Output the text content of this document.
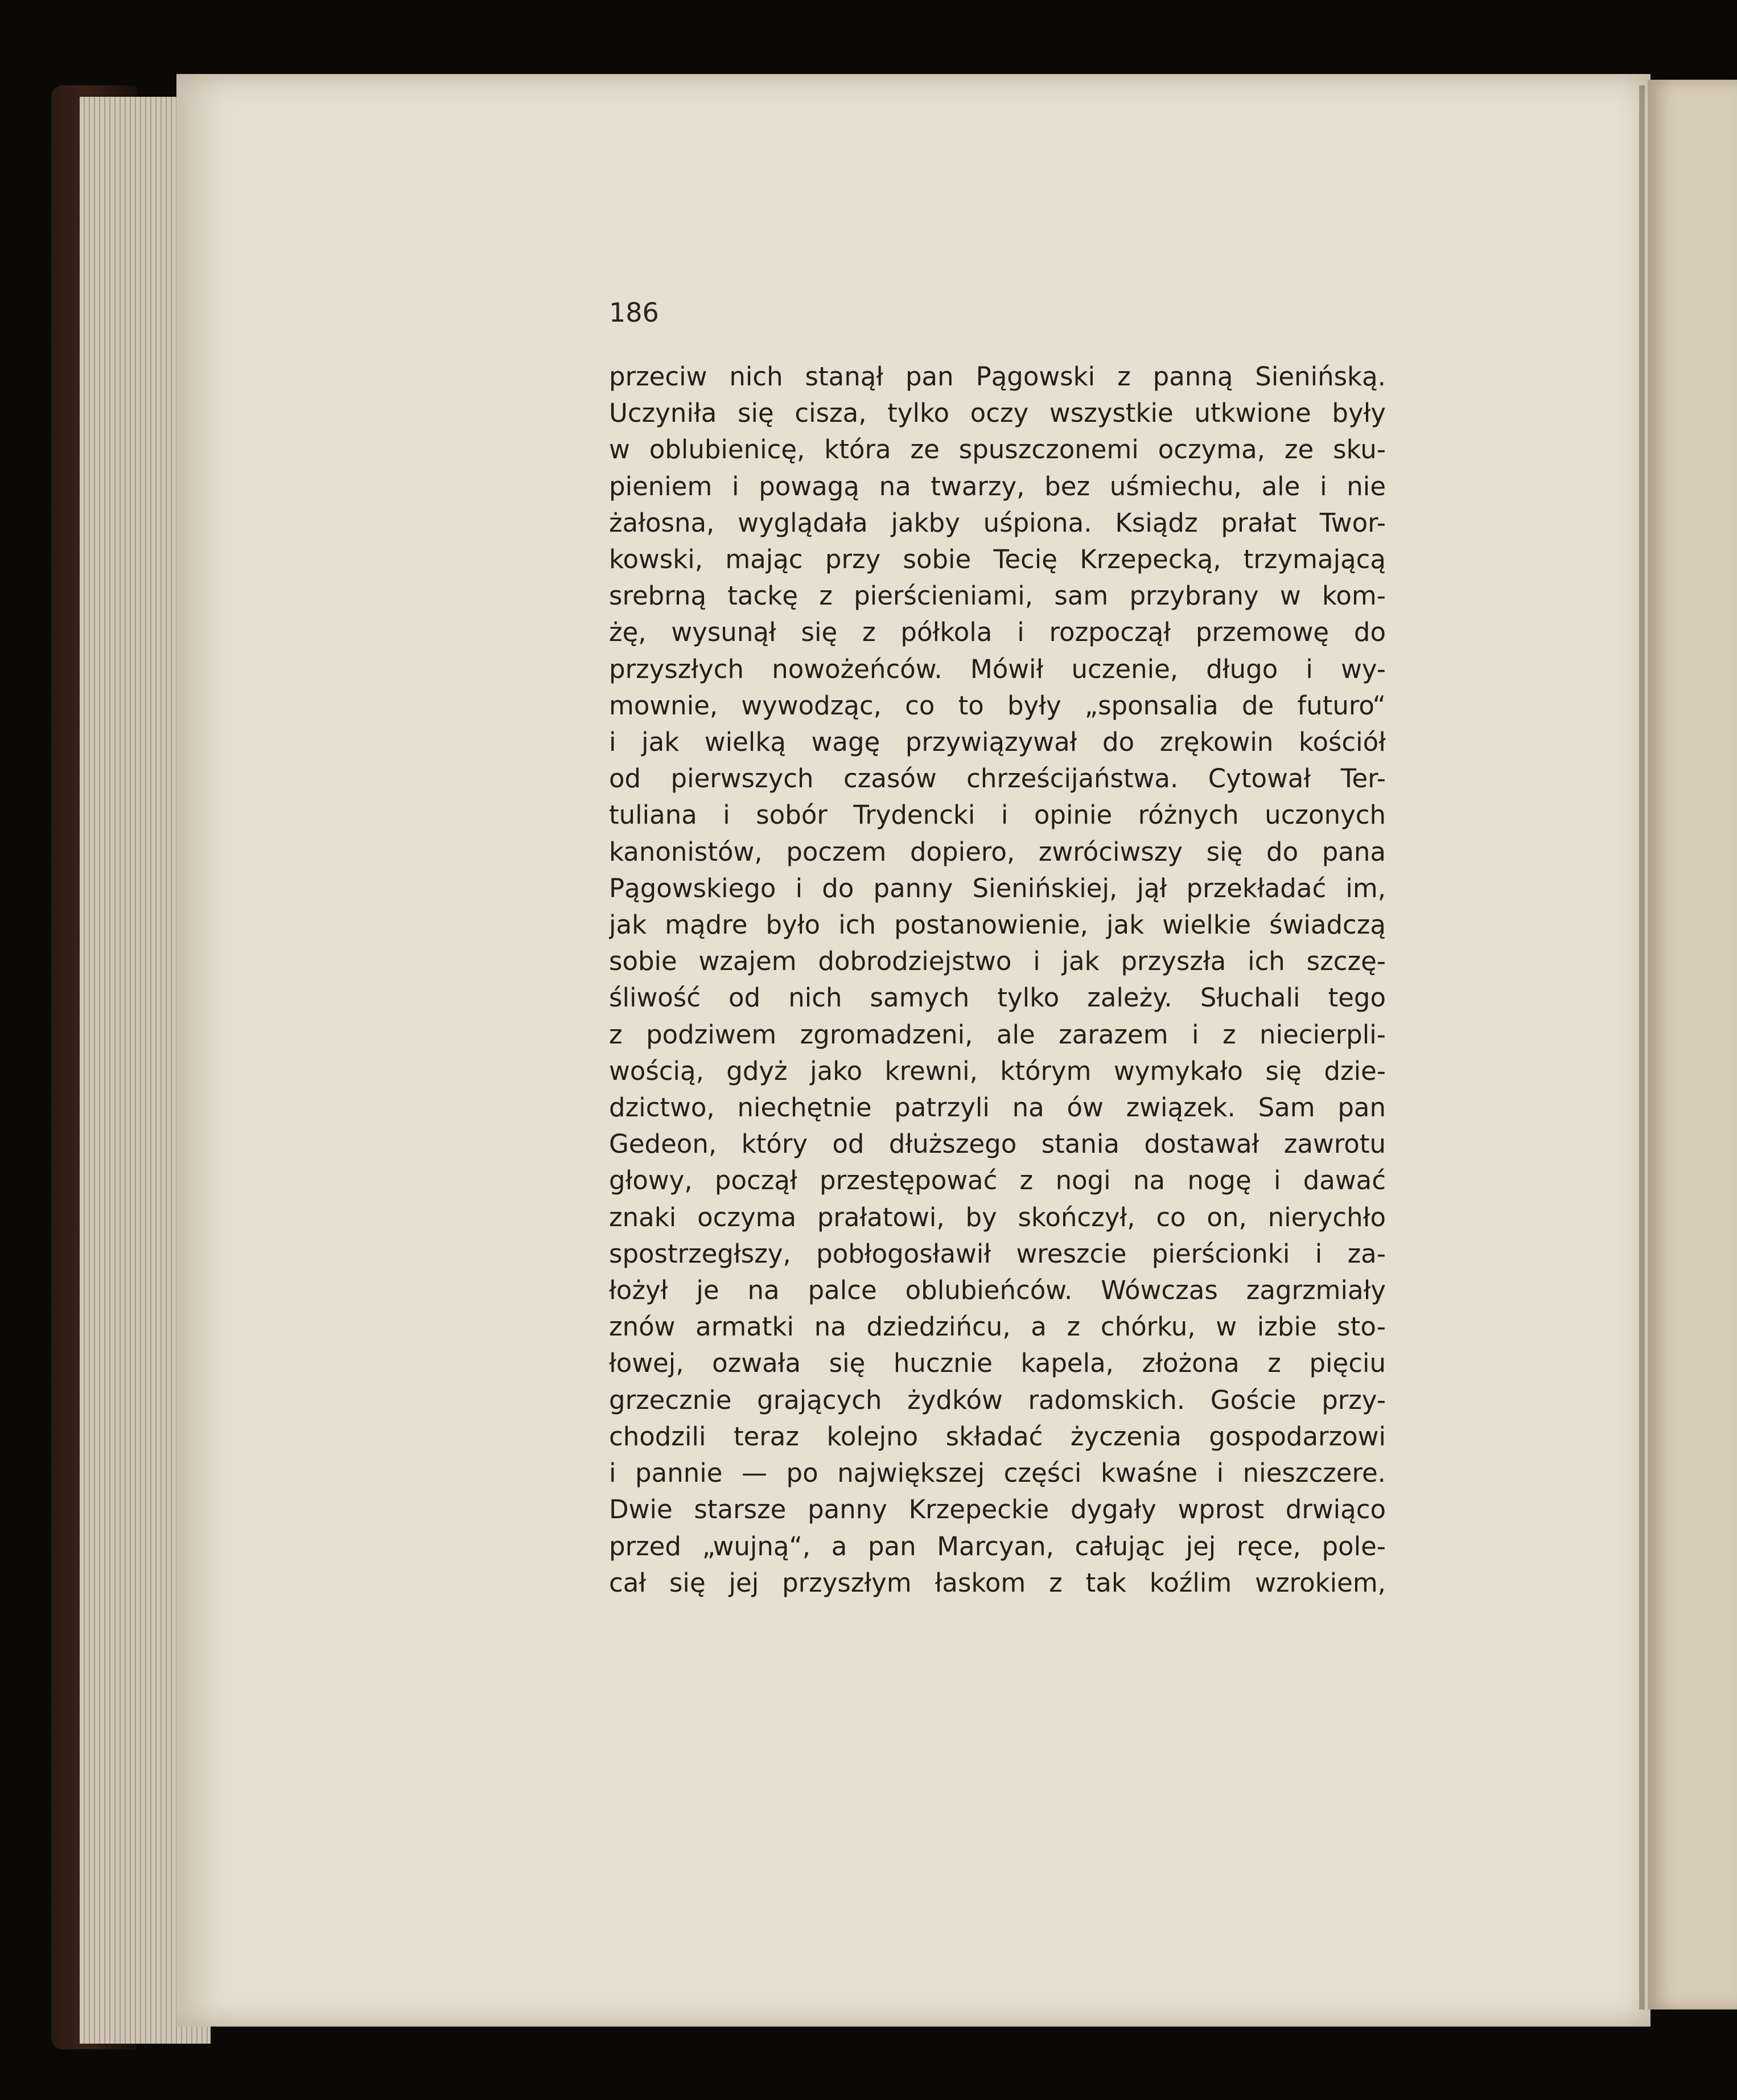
186
przeciw nich stanął pan Pągowski z panną Sienińską.
Uczyniła się cisza, tylko oczy wszystkie utkwione były
w oblubienicę, która ze spuszczonemi oczyma, ze sku-
pieniem i powagą na twarzy, bez uśmiechu, ale i nie
żałosna, wyglądała jakby uśpiona. Ksiądz prałat Twor-
kowski, mając przy sobie Tecię Krzepecką, trzymającą
srebrną tackę z pierścieniami, sam przybrany w kom-
żę, wysunął się z półkola i rozpoczął przemowę do
przyszłych nowożeńców. Mówił uczenie, długo i wy-
mownie, wywodząc, co to były „sponsalia de futuro“
i jak wielką wagę przywiązywał do zrękowin kościół
od pierwszych czasów chrześcijaństwa. Cytował Ter-
tuliana i sobór Trydencki i opinie różnych uczonych
kanonistów, poczem dopiero, zwróciwszy się do pana
Pągowskiego i do panny Sienińskiej, jął przekładać im,
jak mądre było ich postanowienie, jak wielkie świadczą
sobie wzajem dobrodziejstwo i jak przyszła ich szczę-
śliwość od nich samych tylko zależy. Słuchali tego
z podziwem zgromadzeni, ale zarazem i z niecierpli-
wością, gdyż jako krewni, którym wymykało się dzie-
dzictwo, niechętnie patrzyli na ów związek. Sam pan
Gedeon, który od dłuższego stania dostawał zawrotu
głowy, począł przestępować z nogi na nogę i dawać
znaki oczyma prałatowi, by skończył, co on, nierychło
spostrzegłszy, pobłogosławił wreszcie pierścionki i za-
łożył je na palce oblubieńców. Wówczas zagrzmiały
znów armatki na dziedzińcu, a z chórku, w izbie sto-
łowej, ozwała się hucznie kapela, złożona z pięciu
grzecznie grających żydków radomskich. Goście przy-
chodzili teraz kolejno składać życzenia gospodarzowi
i pannie — po największej części kwaśne i nieszczere.
Dwie starsze panny Krzepeckie dygały wprost drwiąco
przed „wujną“, a pan Marcyan, całując jej ręce, pole-
cał się jej przyszłym łaskom z tak koźlim wzrokiem,
